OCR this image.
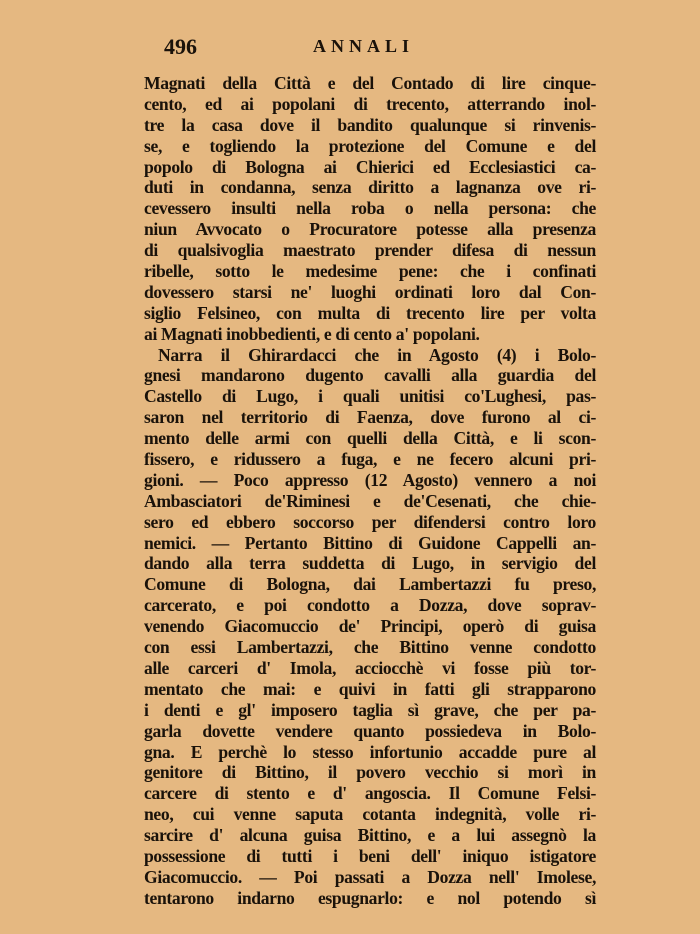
496	ANNALI
Magnati della Città e del Contado di lire cinque-
cento, ed ai popolani di trecento, atterrando inol-
tre la casa dove il bandito qualunque si rinvenis-
se, e togliendo la protezione del Comune e del
popolo di Bologna ai Chierici ed Ecclesiastici ca-
duti in condanna, senza diritto a lagnanza ove ri-
cevessero insulti nella roba o nella persona: che
niun Avvocato o Procuratore potesse alla presenza
di qualsivoglia maestrato prender difesa di nessun
ribelle, sotto le medesime pene: che i confinati
dovessero starsi ne' luoghi ordinati loro dal Con-
siglio Felsineo, con multa di trecento lire per volta
ai Magnati inobbedienti, e di cento a' popolani.
Narra il Ghirardacci che in Agosto (4) i Bolo-
gnesi mandarono dugento cavalli alla guardia del
Castello di Lugo, i quali unitisi co'Lughesi, pas-
saron nel territorio di Faenza, dove furono al ci-
mento delle armi con quelli della Città, e li scon-
fissero, e ridussero a fuga, e ne fecero alcuni pri-
gioni. — Poco appresso (12 Agosto) vennero a noi
Ambasciatori de'Riminesi e de'Cesenati, che chie-
sero ed ebbero soccorso per difendersi contro loro
nemici. — Pertanto Bittino di Guidone Cappelli an-
dando alla terra suddetta di Lugo, in servigio del
Comune di Bologna, dai Lambertazzi fu preso,
carcerato, e poi condotto a Dozza, dove soprav-
venendo Giacomuccio de' Principi, operò di guisa
con essi Lambertazzi, che Bittino venne condotto
alle carceri d' Imola, acciocchè vi fosse più tor-
mentato che mai: e quivi in fatti gli strapparono
i denti e gl' imposero taglia sì grave, che per pa-
garla dovette vendere quanto possiedeva in Bolo-
gna. E perchè lo stesso infortunio accadde pure al
genitore di Bittino, il povero vecchio si morì in
carcere di stento e d' angoscia. Il Comune Felsi-
neo, cui venne saputa cotanta indegnità, volle ri-
sarcire d' alcuna guisa Bittino, e a lui assegnò la
possessione di tutti i beni dell' iniquo istigatore
Giacomuccio. — Poi passati a Dozza nell' Imolese,
tentarono indarno espugnarlo: e nol potendo sì
